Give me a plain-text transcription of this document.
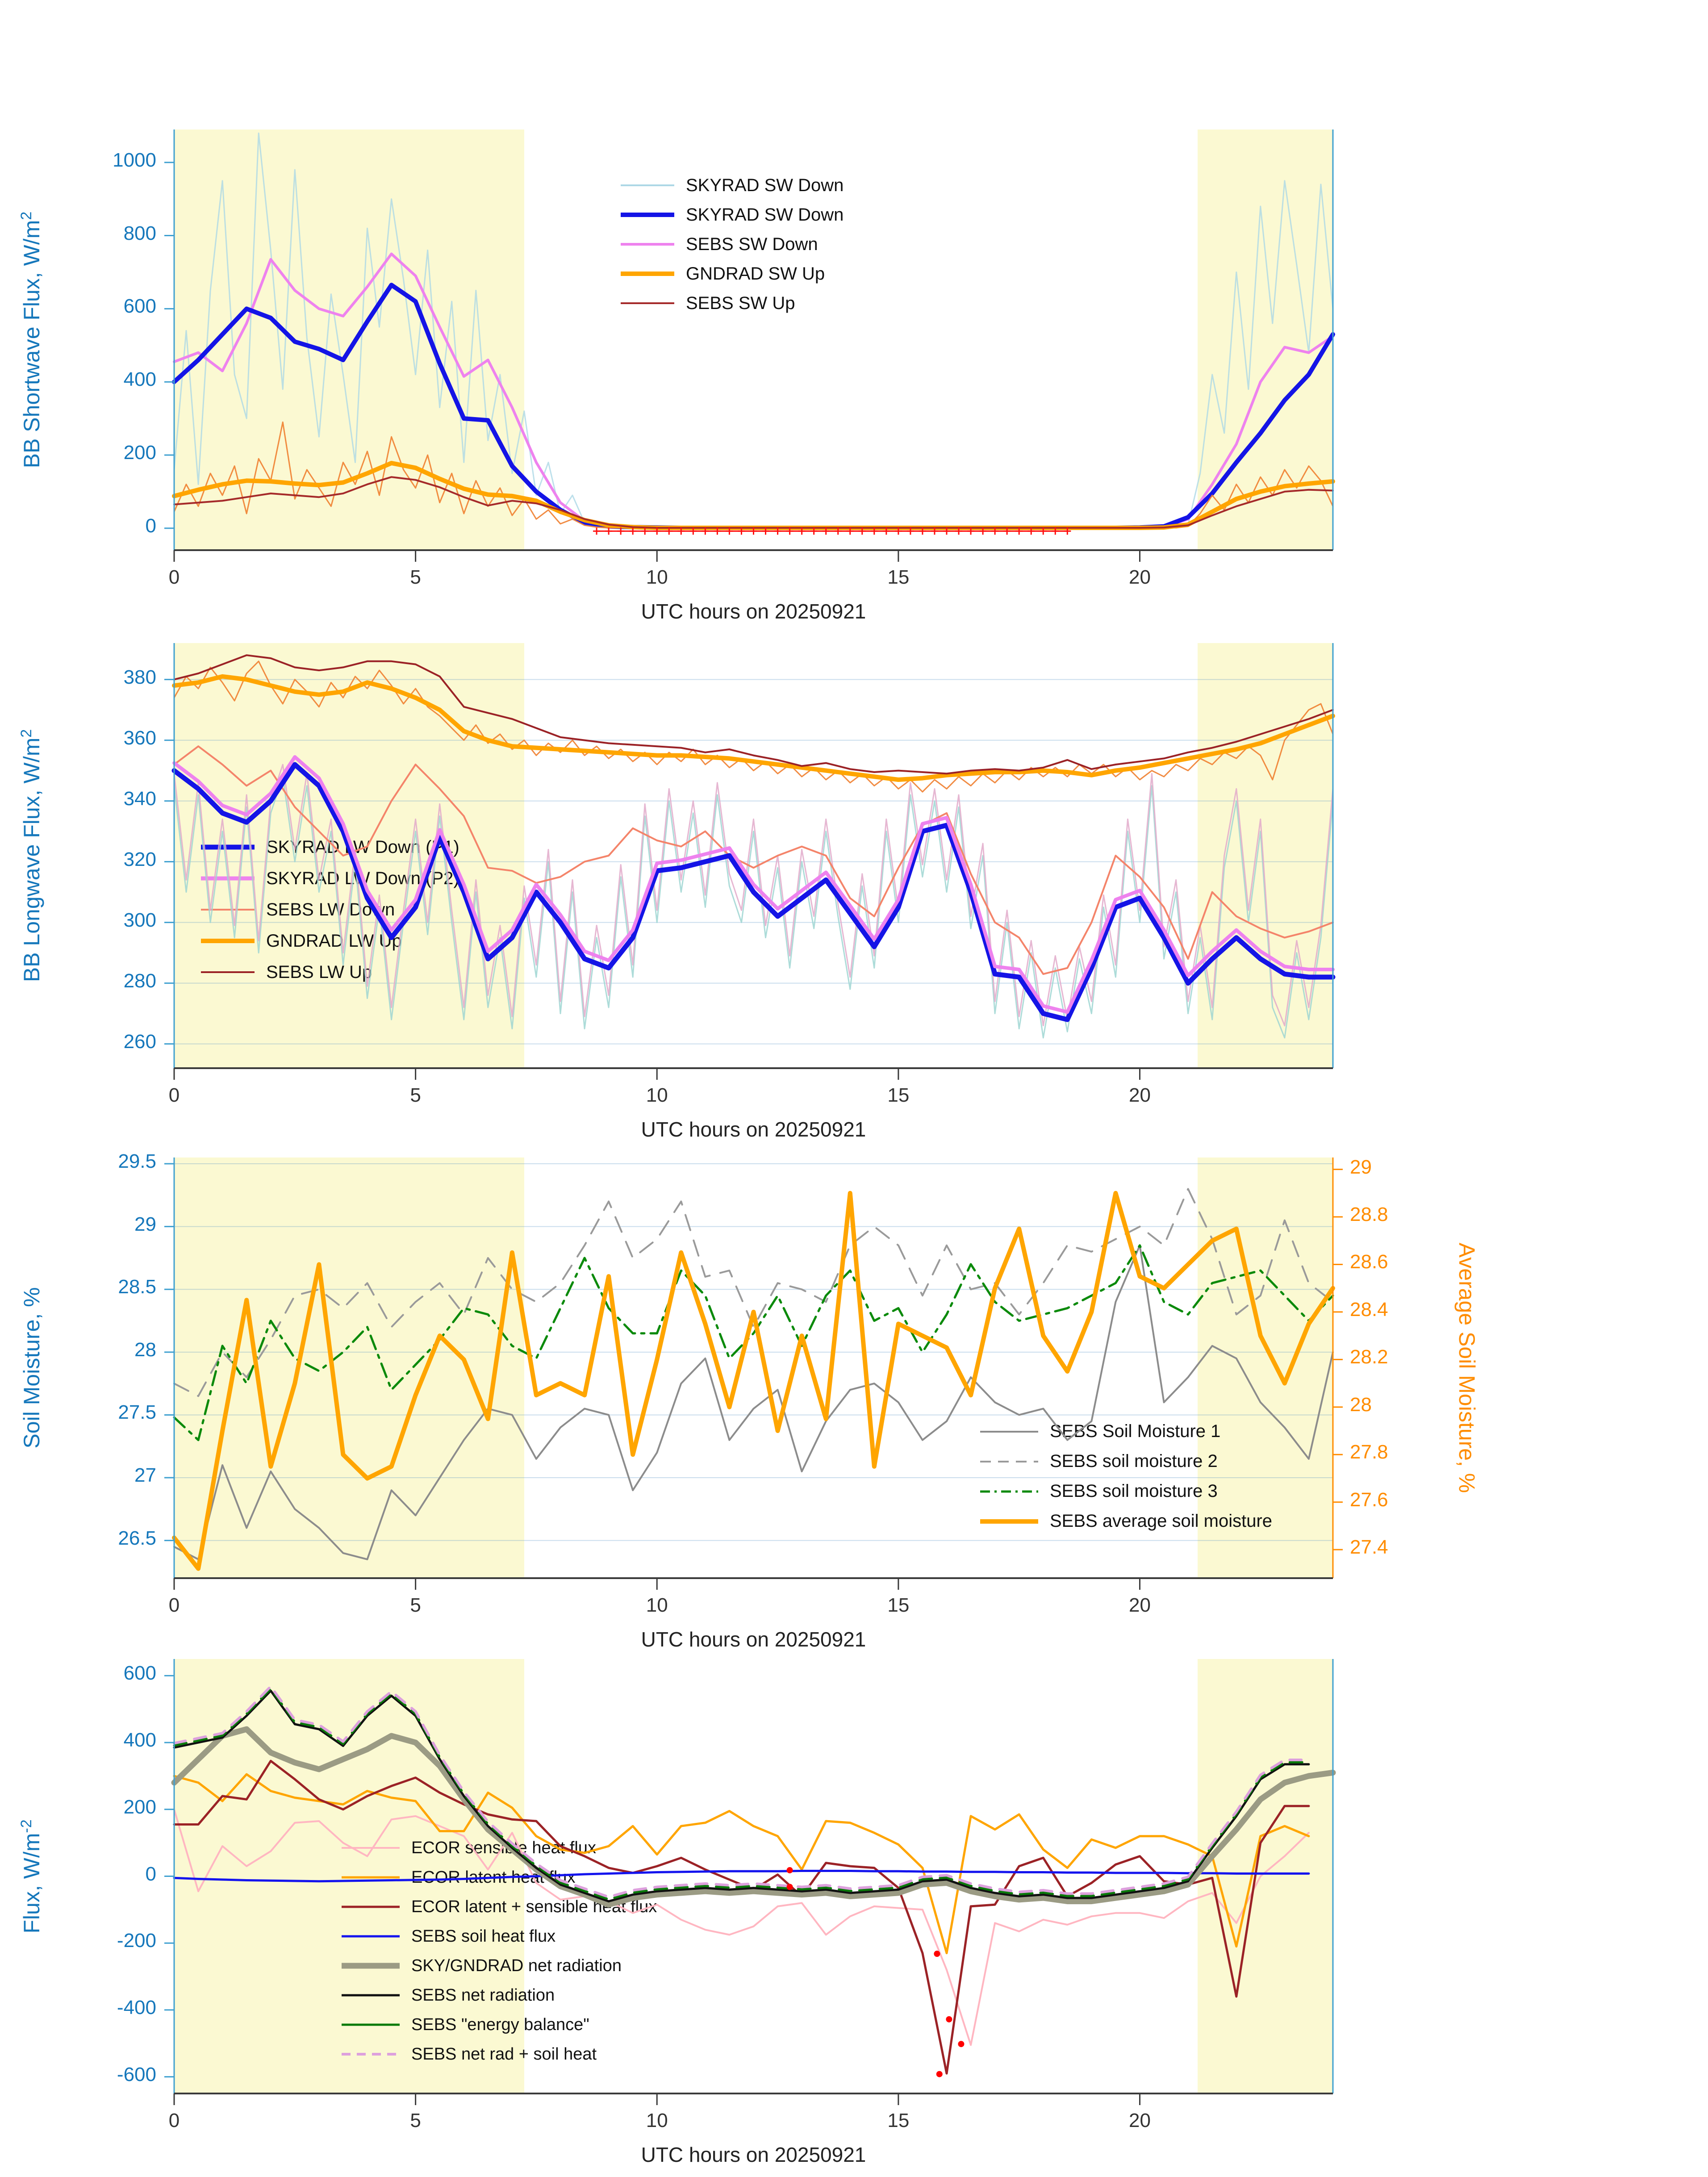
0
200
400
600
800
1000
0	5	10	15	20
BB Shortwave Flux, $W/m^2$
UTC hours on 20250921
SKYRAD SW Down
SKYRAD SW Down
SEBS SW Down
GNDRAD SW Up
SEBS SW Up
260
280
300
320
340
360
380
0	5	10	15	20
BB Longwave Flux, $W/m^2$
UTC hours on 20250921
SKYRAD LW Down (P1)
SKYRAD LW Down (P2)
SEBS LW Down
GNDRAD LW Up
SEBS LW Up
26.5
27
27.5
28
28.5
29
29.5
0	5	10	15	20
27.4
27.6
27.8
28
28.2
28.4
28.6
28.8
29
Soil Moisture, %	Average Soil Moisture, %
UTC hours on 20250921
SEBS Soil Moisture 1
SEBS soil moisture 2
SEBS soil moisture 3
SEBS average soil moisture
-600
-400
-200
0
200
400
600
0	5	10	15	20
Flux, $W/m^{-2}$
UTC hours on 20250921
ECOR sensible heat flux
ECOR latent heat flux
ECOR latent + sensible heat flux
SEBS soil heat flux
SKY/GNDRAD net radiation
SEBS net radiation
SEBS "energy balance"
SEBS net rad + soil heat
